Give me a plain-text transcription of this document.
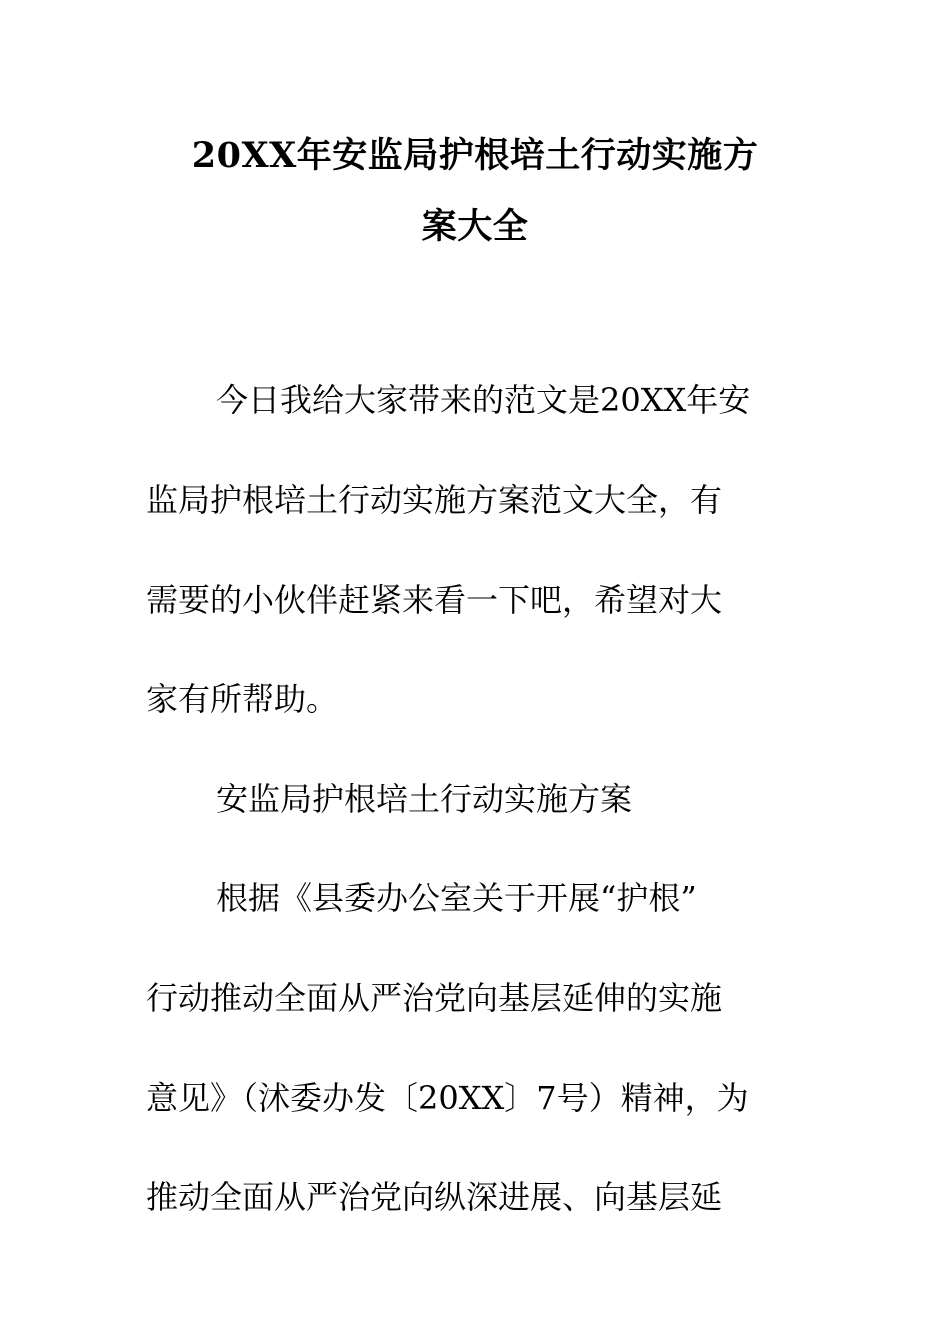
20XX年安监局护根培土行动实施方
案大全
今日我给大家带来的范文是20XX年安
监局护根培土行动实施方案范文大全，有
需要的小伙伴赶紧来看一下吧，希望对大
家有所帮助。
安监局护根培土行动实施方案
根据《县委办公室关于开展“护根”
行动推动全面从严治党向基层延伸的实施
意见》（沭委办发〔20XX〕7号）精神，为
推动全面从严治党向纵深进展、向基层延
